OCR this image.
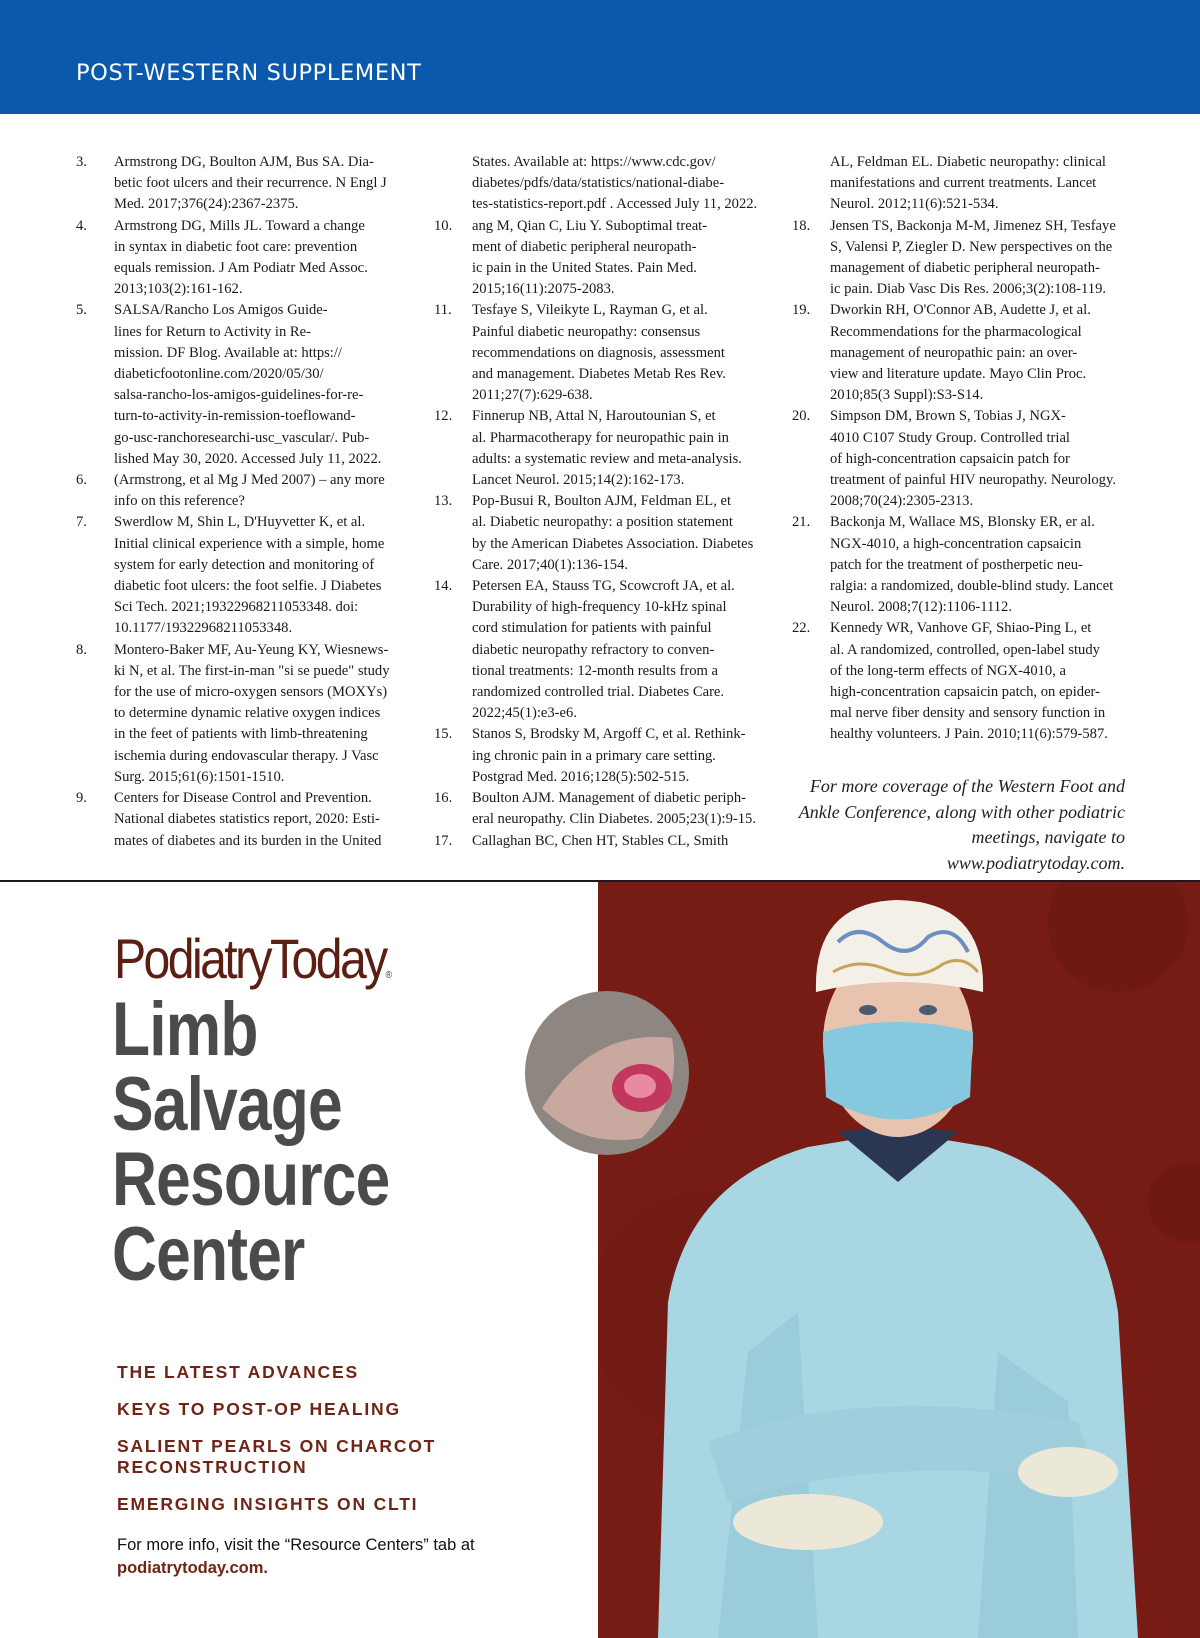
POST-WESTERN SUPPLEMENT
3. Armstrong DG, Boulton AJM, Bus SA. Dia-
betic foot ulcers and their recurrence. N Engl J
Med. 2017;376(24):2367-2375.
4. Armstrong DG, Mills JL. Toward a change
in syntax in diabetic foot care: prevention
equals remission. J Am Podiatr Med Assoc.
2013;103(2):161-162.
5. SALSA/Rancho Los Amigos Guide-
lines for Return to Activity in Re-
mission. DF Blog. Available at: https://
diabeticfootonline.com/2020/05/30/
salsa-rancho-los-amigos-guidelines-for-re-
turn-to-activity-in-remission-toeflowand-
go-usc-ranchoresearchi-usc_vascular/. Pub-
lished May 30, 2020. Accessed July 11, 2022.
6. (Armstrong, et al Mg J Med 2007) – any more
info on this reference?
7. Swerdlow M, Shin L, D'Huyvetter K, et al.
Initial clinical experience with a simple, home
system for early detection and monitoring of
diabetic foot ulcers: the foot selfie. J Diabetes
Sci Tech. 2021;19322968211053348. doi:
10.1177/19322968211053348.
8. Montero-Baker MF, Au-Yeung KY, Wiesnews-
ki N, et al. The first-in-man "si se puede" study
for the use of micro-oxygen sensors (MOXYs)
to determine dynamic relative oxygen indices
in the feet of patients with limb-threatening
ischemia during endovascular therapy. J Vasc
Surg. 2015;61(6):1501-1510.
9. Centers for Disease Control and Prevention.
National diabetes statistics report, 2020: Esti-
mates of diabetes and its burden in the United
States. Available at: https://www.cdc.gov/
diabetes/pdfs/data/statistics/national-diabe-
tes-statistics-report.pdf . Accessed July 11, 2022.
10. ang M, Qian C, Liu Y. Suboptimal treat-
ment of diabetic peripheral neuropath-
ic pain in the United States. Pain Med.
2015;16(11):2075-2083.
11. Tesfaye S, Vileikyte L, Rayman G, et al.
Painful diabetic neuropathy: consensus
recommendations on diagnosis, assessment
and management. Diabetes Metab Res Rev.
2011;27(7):629-638.
12. Finnerup NB, Attal N, Haroutounian S, et
al. Pharmacotherapy for neuropathic pain in
adults: a systematic review and meta-analysis.
Lancet Neurol. 2015;14(2):162-173.
13. Pop-Busui R, Boulton AJM, Feldman EL, et
al. Diabetic neuropathy: a position statement
by the American Diabetes Association. Diabetes
Care. 2017;40(1):136-154.
14. Petersen EA, Stauss TG, Scowcroft JA, et al.
Durability of high-frequency 10-kHz spinal
cord stimulation for patients with painful
diabetic neuropathy refractory to conven-
tional treatments: 12-month results from a
randomized controlled trial. Diabetes Care.
2022;45(1):e3-e6.
15. Stanos S, Brodsky M, Argoff C, et al. Rethink-
ing chronic pain in a primary care setting.
Postgrad Med. 2016;128(5):502-515.
16. Boulton AJM. Management of diabetic periph-
eral neuropathy. Clin Diabetes. 2005;23(1):9-15.
17. Callaghan BC, Chen HT, Stables CL, Smith
AL, Feldman EL. Diabetic neuropathy: clinical
manifestations and current treatments. Lancet
Neurol. 2012;11(6):521-534.
18. Jensen TS, Backonja M-M, Jimenez SH, Tesfaye
S, Valensi P, Ziegler D. New perspectives on the
management of diabetic peripheral neuropath-
ic pain. Diab Vasc Dis Res. 2006;3(2):108-119.
19. Dworkin RH, O'Connor AB, Audette J, et al.
Recommendations for the pharmacological
management of neuropathic pain: an over-
view and literature update. Mayo Clin Proc.
2010;85(3 Suppl):S3-S14.
20. Simpson DM, Brown S, Tobias J, NGX-
4010 C107 Study Group. Controlled trial
of high-concentration capsaicin patch for
treatment of painful HIV neuropathy. Neurology.
2008;70(24):2305-2313.
21. Backonja M, Wallace MS, Blonsky ER, er al.
NGX-4010, a high-concentration capsaicin
patch for the treatment of postherpetic neu-
ralgia: a randomized, double-blind study. Lancet
Neurol. 2008;7(12):1106-1112.
22. Kennedy WR, Vanhove GF, Shiao-Ping L, et
al. A randomized, controlled, open-label study
of the long-term effects of NGX-4010, a
high-concentration capsaicin patch, on epider-
mal nerve fiber density and sensory function in
healthy volunteers. J Pain. 2010;11(6):579-587.
For more coverage of the Western Foot and
Ankle Conference, along with other podiatric
meetings, navigate to www.podiatrytoday.com.
PodiatryToday®
Limb
Salvage
Resource
Center
THE LATEST ADVANCES
KEYS TO POST-OP HEALING
SALIENT PEARLS ON CHARCOT RECONSTRUCTION
EMERGING INSIGHTS ON CLTI
For more info, visit the “Resource Centers” tab at podiatrytoday.com.
